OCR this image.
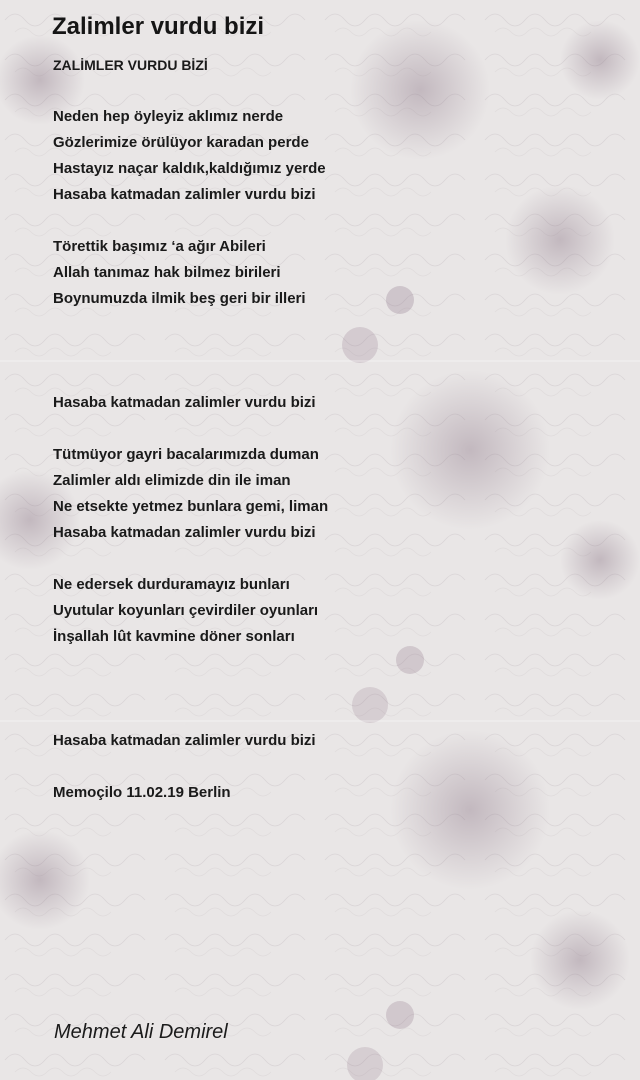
Zalimler vurdu bizi
ZALİMLER VURDU BİZİ
Neden hep öyleyiz aklımız nerde
Gözlerimize örülüyor karadan perde
Hastayız naçar kaldık,kaldığımız yerde
Hasaba katmadan zalimler vurdu bizi
Törettik başımız ‘a ağır Abileri
Allah tanımaz hak bilmez birileri
Boynumuzda ilmik beş geri bir illeri
Hasaba katmadan zalimler vurdu bizi
Tütmüyor gayri bacalarımızda duman
Zalimler aldı elimizde din ile iman
Ne etsekte yetmez bunlara gemi, liman
Hasaba katmadan zalimler vurdu bizi
Ne edersek durduramayız bunları
Uyutular koyunları çevirdiler oyunları
İnşallah lût kavmine döner sonları
Hasaba katmadan zalimler vurdu bizi
Memoçilo 11.02.19 Berlin
Mehmet Ali Demirel
